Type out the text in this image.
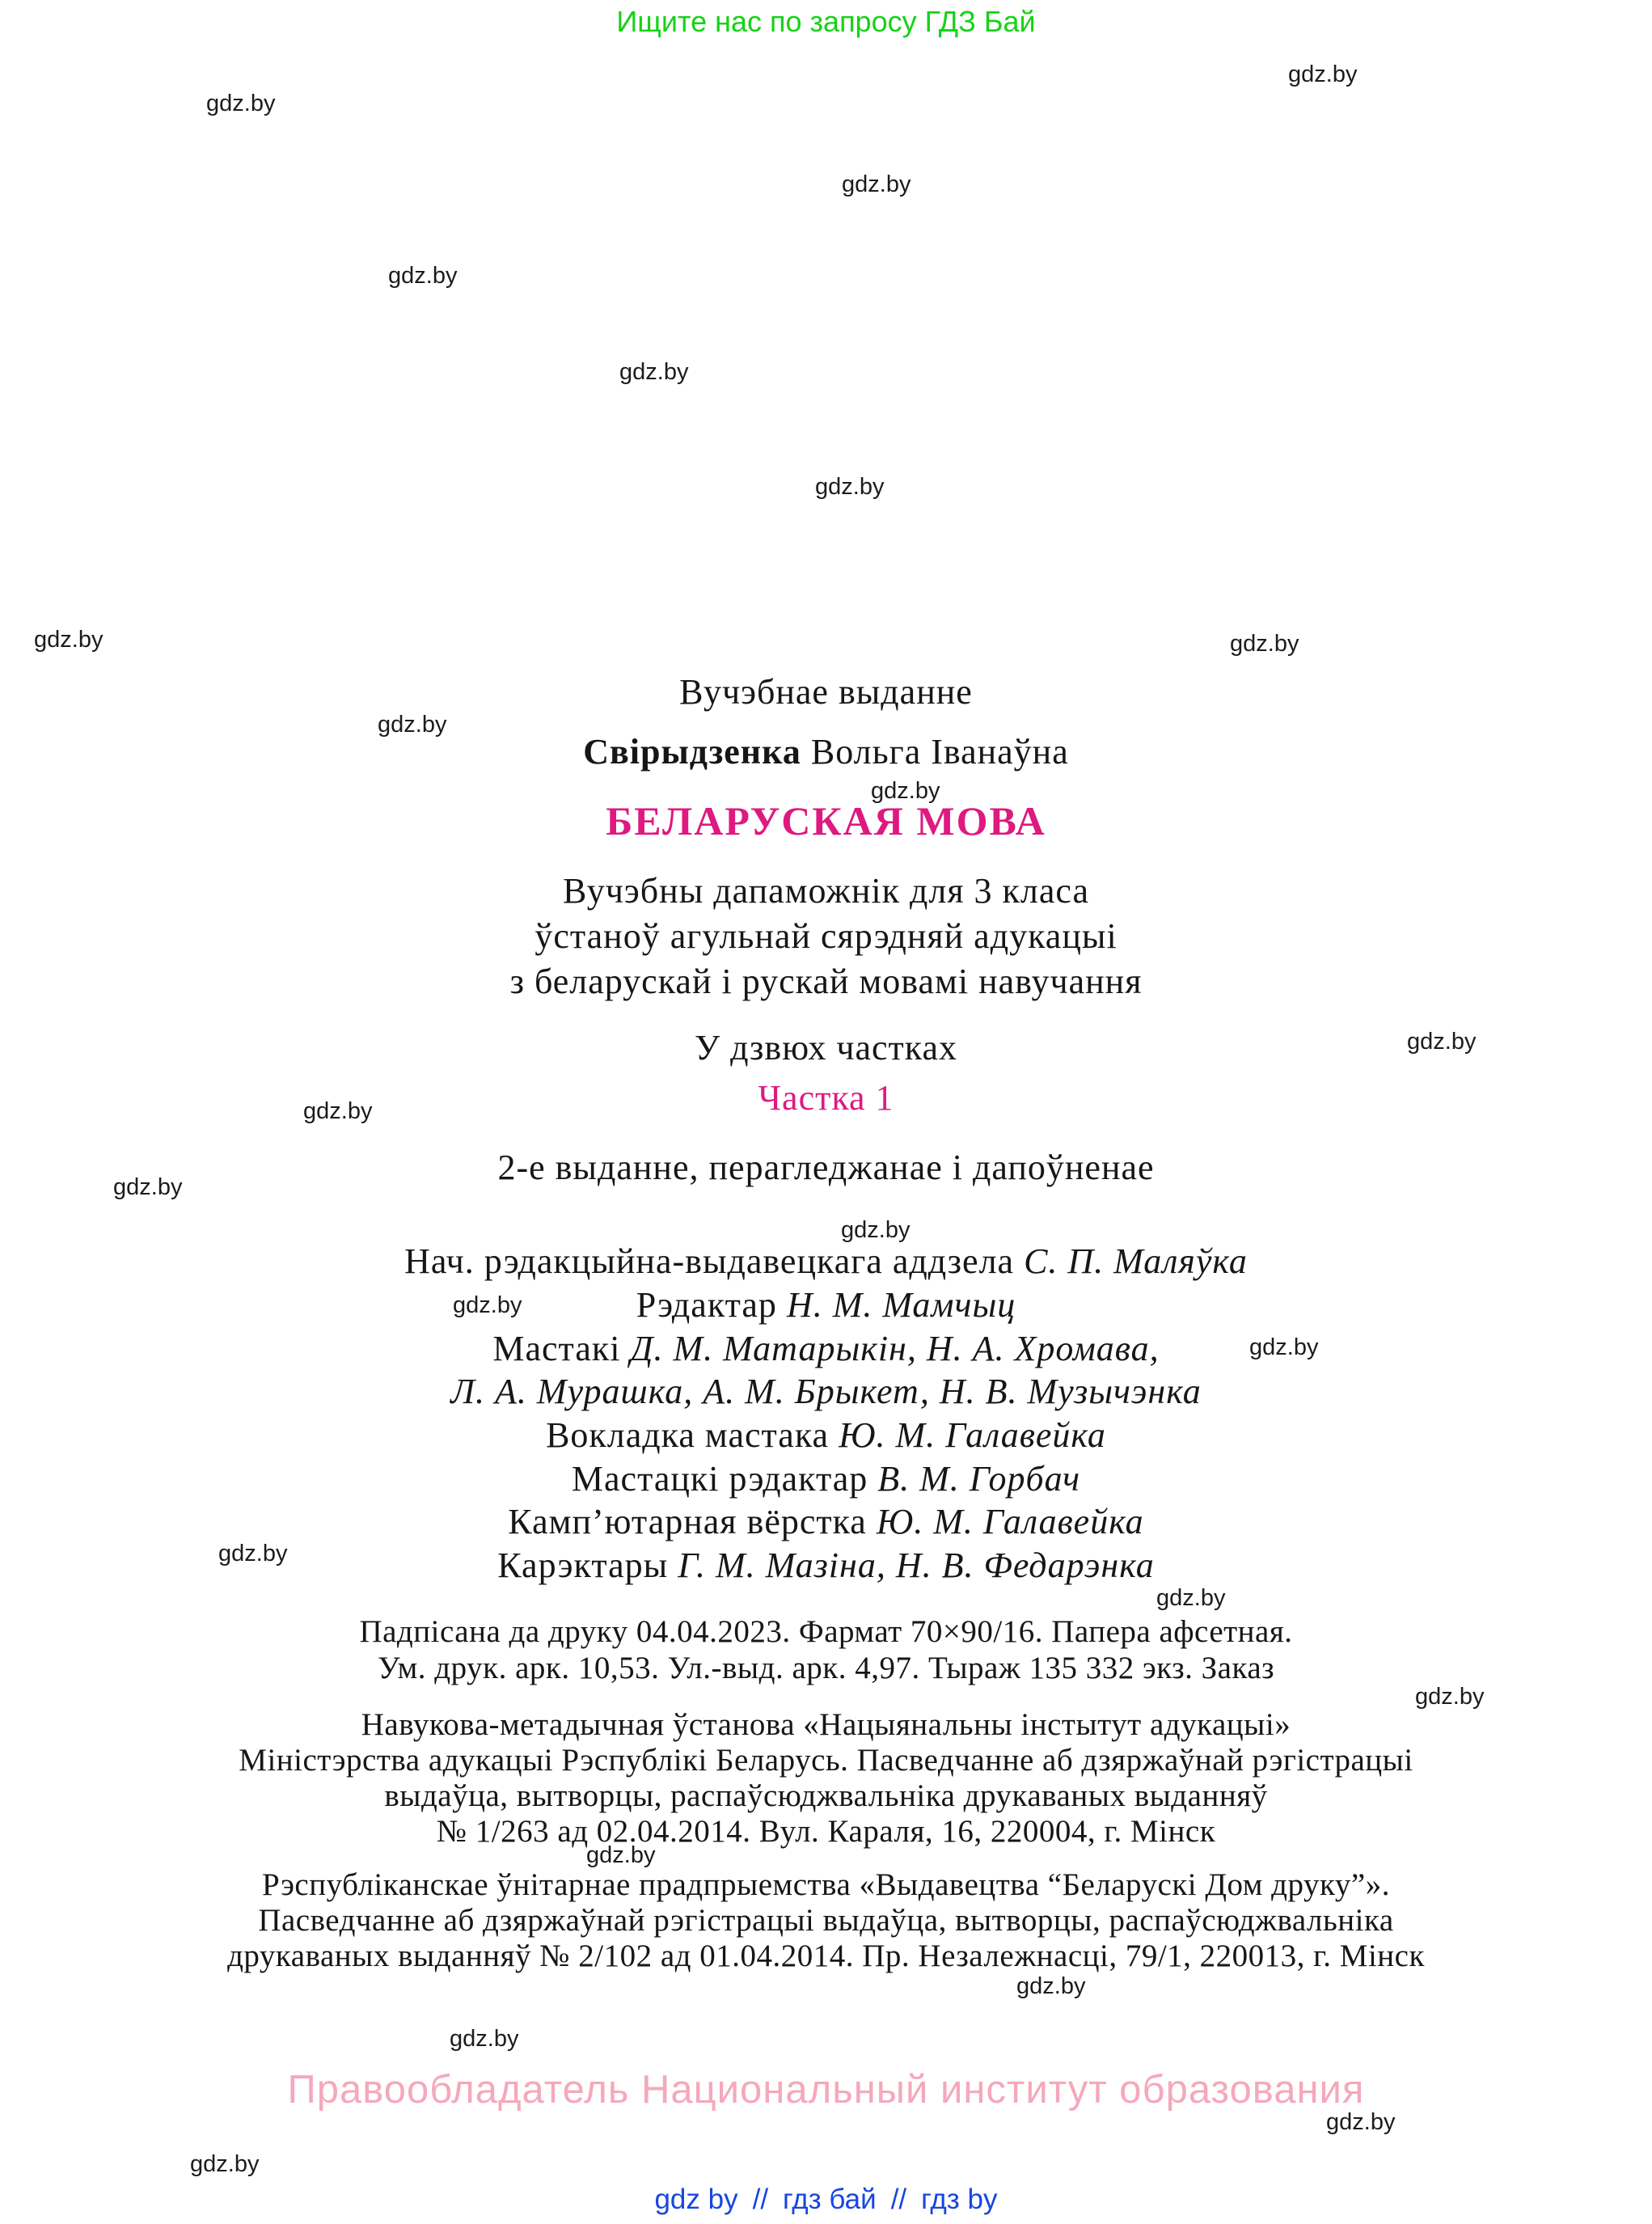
Ищите нас по запросу ГДЗ Бай
gdz.by
gdz.by
gdz.by
gdz.by
gdz.by
gdz.by
gdz.by
gdz.by
gdz.by
gdz.by
gdz.by
gdz.by
gdz.by
gdz.by
gdz.by
gdz.by
gdz.by
gdz.by
gdz.by
gdz.by
gdz.by
gdz.by
gdz.by
gdz.by
Вучэбнае выданне
Свірыдзенка Вольга Іванаўна
БЕЛАРУСКАЯ МОВА
Вучэбны дапаможнік для 3 класа
ўстаноў агульнай сярэдняй адукацыі
з беларускай і рускай мовамі навучання
У дзвюх частках
Частка 1
2-е выданне, перагледжанае і дапоўненае
Нач. рэдакцыйна-выдавецкага аддзела С. П. Маляўка
Рэдактар Н. М. Мамчыц
Мастакі Д. М. Матарыкін, Н. А. Хромава,
Л. А. Мурашка, А. М. Брыкет, Н. В. Музычэнка
Вокладка мастака Ю. М. Галавейка
Мастацкі рэдактар В. М. Горбач
Камп’ютарная вёрстка Ю. М. Галавейка
Карэктары Г. М. Мазіна, Н. В. Федарэнка
Падпісана да друку 04.04.2023. Фармат 70×90/16. Папера афсетная.
Ум. друк. арк. 10,53. Ул.-выд. арк. 4,97. Тыраж 135 332 экз. Заказ
Навукова-метадычная ўстанова «Нацыянальны інстытут адукацыі»
Міністэрства адукацыі Рэспублікі Беларусь. Пасведчанне аб дзяржаўнай рэгістрацыі
выдаўца, вытворцы, распаўсюджвальніка друкаваных выданняў
№ 1/263 ад 02.04.2014. Вул. Караля, 16, 220004, г. Мінск
Рэспубліканскае ўнітарнае прадпрыемства «Выдавецтва “Беларускі Дом друку”».
Пасведчанне аб дзяржаўнай рэгістрацыі выдаўца, вытворцы, распаўсюджвальніка
друкаваных выданняў № 2/102 ад 01.04.2014. Пр. Незалежнасці, 79/1, 220013, г. Мінск
Правообладатель Национальный институт образования
gdz by // гдз бай // гдз by
